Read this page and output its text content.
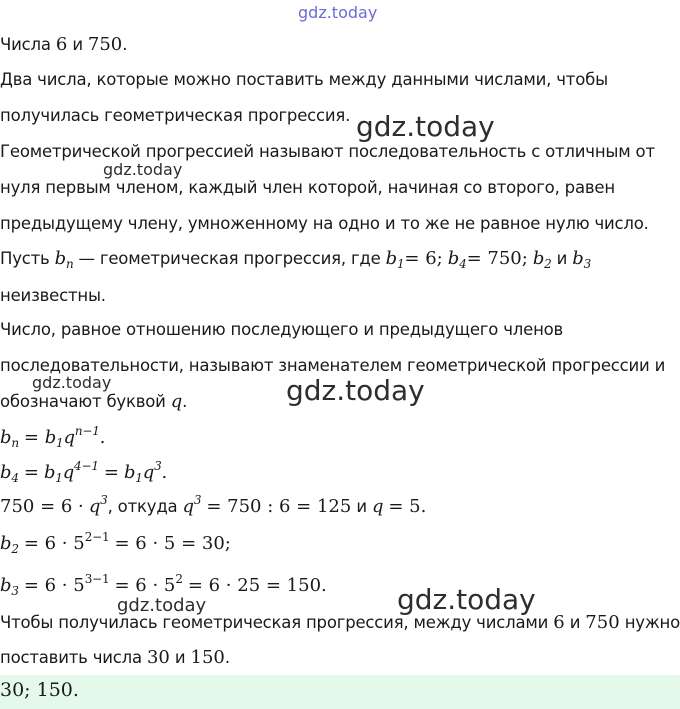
Числа 6 и 750.
Два числа, которые можно поставить между данными числами, чтобы
получилась геометрическая прогрессия.
Геометрической прогрессией называют последовательность с отличным от
нуля первым членом, каждый член которой, начиная со второго, равен
предыдущему члену, умноженному на одно и то же не равное нулю число.
Пусть $b_n$ — геометрическая прогрессия, где $b_1= 6$; $b_4= 750$; $b_2$ и $b_3$
неизвестны.
Число, равное отношению последующего и предыдущего членов
последовательности, называют знаменателем геометрической прогрессии и
обозначают буквой q.
$b_n = b_1q^{n-1}$.
$b_4 = b_1q^{4-1} = b_1q^3$.
$750 = 6 \cdot q^3$, откуда $q^3 = 750$ : 6 = 125 и q = 5.
$b_2 = 6 \cdot 5^{2-1} = 6 \cdot 5 = 30$;
$b_3 = 6 \cdot 5^{3-1} = 6 \cdot 5^2 = 6 \cdot 25 = 150$.
Чтобы получилась геометрическая прогрессия, между числами 6 и 750 нужно
поставить числа 30 и 150.
30; 150.
gdz.today
gdz.today
gdz.today
gdz.today	gdz.today
gdz.today
gdz.today
